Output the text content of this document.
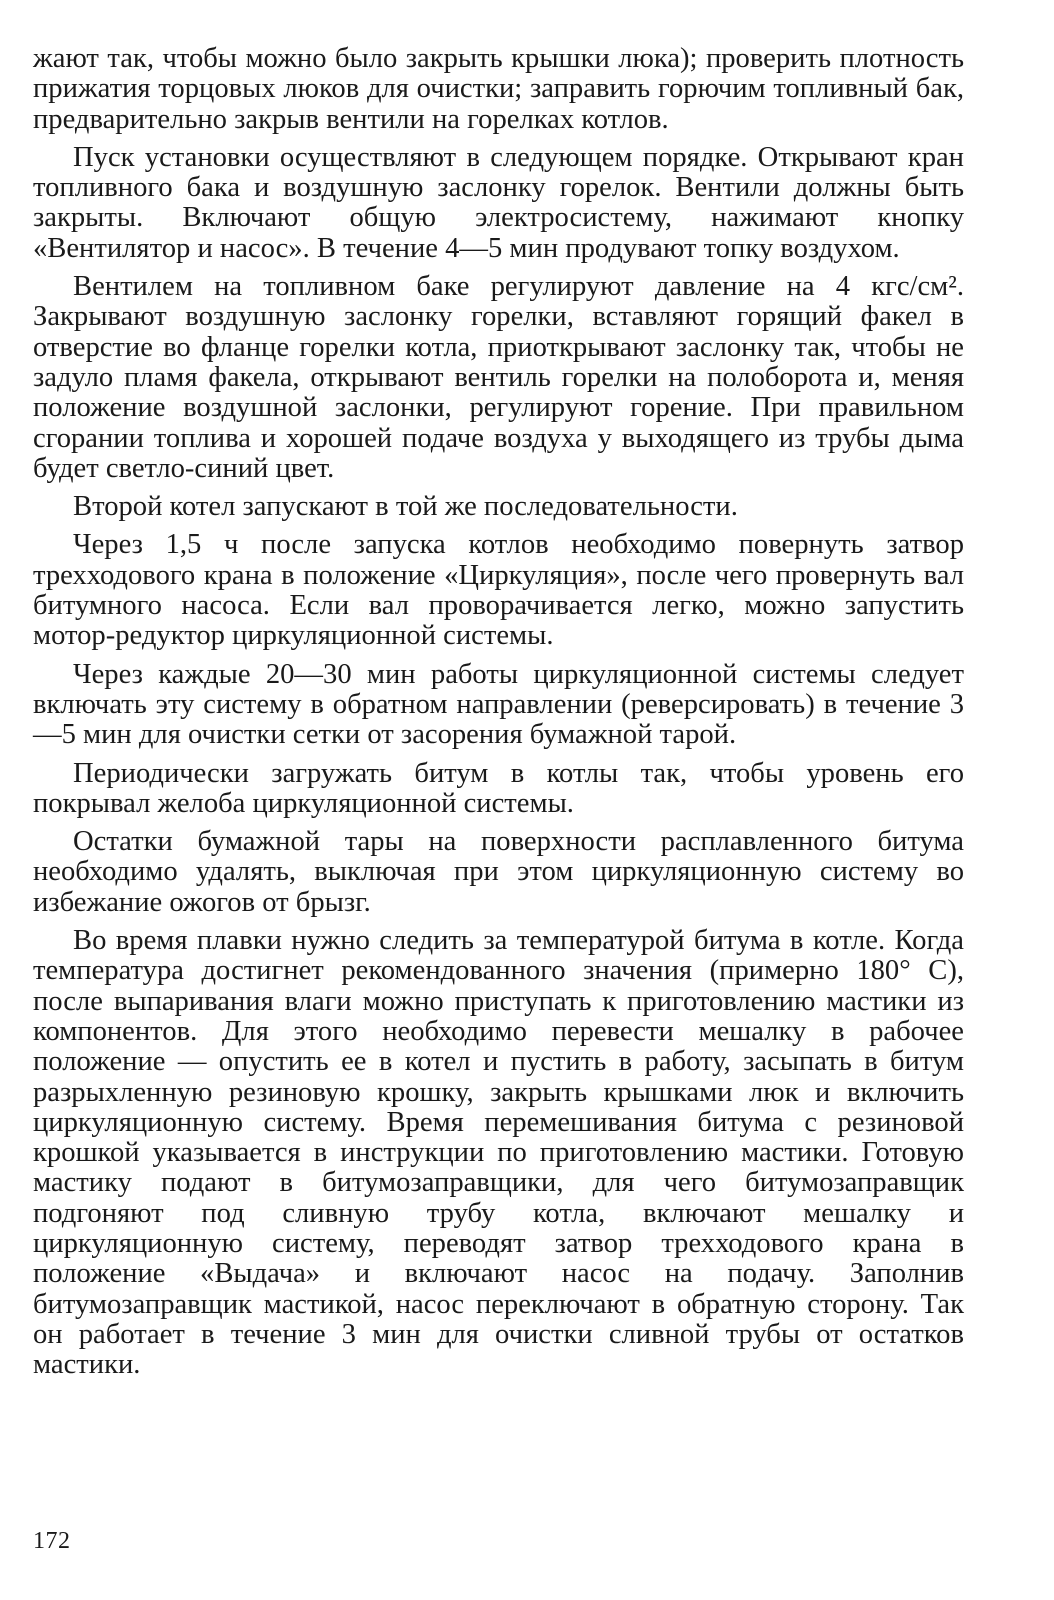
жают так, чтобы можно было закрыть крышки люка); проверить плотность прижатия торцовых люков для очистки; заправить горючим топливный бак, предварительно закрыв вентили на горелках котлов.

Пуск установки осуществляют в следующем порядке. Открывают кран топливного бака и воздушную заслонку горелок. Вентили должны быть закрыты. Включают общую электросистему, нажимают кнопку «Вентилятор и насос». В течение 4—5 мин продувают топку воздухом.

Вентилем на топливном баке регулируют давление на 4 кгс/см². Закрывают воздушную заслонку горелки, вставляют горящий факел в отверстие во фланце горелки котла, приоткрывают заслонку так, чтобы не задуло пламя факела, открывают вентиль горелки на полоборота и, меняя положение воздушной заслонки, регулируют горение. При правильном сгорании топлива и хорошей подаче воздуха у выходящего из трубы дыма будет светло-синий цвет.

Второй котел запускают в той же последовательности.

Через 1,5 ч после запуска котлов необходимо повернуть затвор трехходового крана в положение «Циркуляция», после чего провернуть вал битумного насоса. Если вал проворачивается легко, можно запустить мотор-редуктор циркуляционной системы.

Через каждые 20—30 мин работы циркуляционной системы следует включать эту систему в обратном направлении (реверсировать) в течение 3—5 мин для очистки сетки от засорения бумажной тарой.

Периодически загружать битум в котлы так, чтобы уровень его покрывал желоба циркуляционной системы.

Остатки бумажной тары на поверхности расплавленного битума необходимо удалять, выключая при этом циркуляционную систему во избежание ожогов от брызг.

Во время плавки нужно следить за температурой битума в котле. Когда температура достигнет рекомендованного значения (примерно 180° С), после выпаривания влаги можно приступать к приготовлению мастики из компонентов. Для этого необходимо перевести мешалку в рабочее положение — опустить ее в котел и пустить в работу, засыпать в битум разрыхленную резиновую крошку, закрыть крышками люк и включить циркуляционную систему. Время перемешивания битума с резиновой крошкой указывается в инструкции по приготовлению мастики. Готовую мастику подают в битумозаправщики, для чего битумозаправщик подгоняют под сливную трубу котла, включают мешалку и циркуляционную систему, переводят затвор трехходового крана в положение «Выдача» и включают насос на подачу. Заполнив битумозаправщик мастикой, насос переключают в обратную сторону. Так он работает в течение 3 мин для очистки сливной трубы от остатков мастики.

172
